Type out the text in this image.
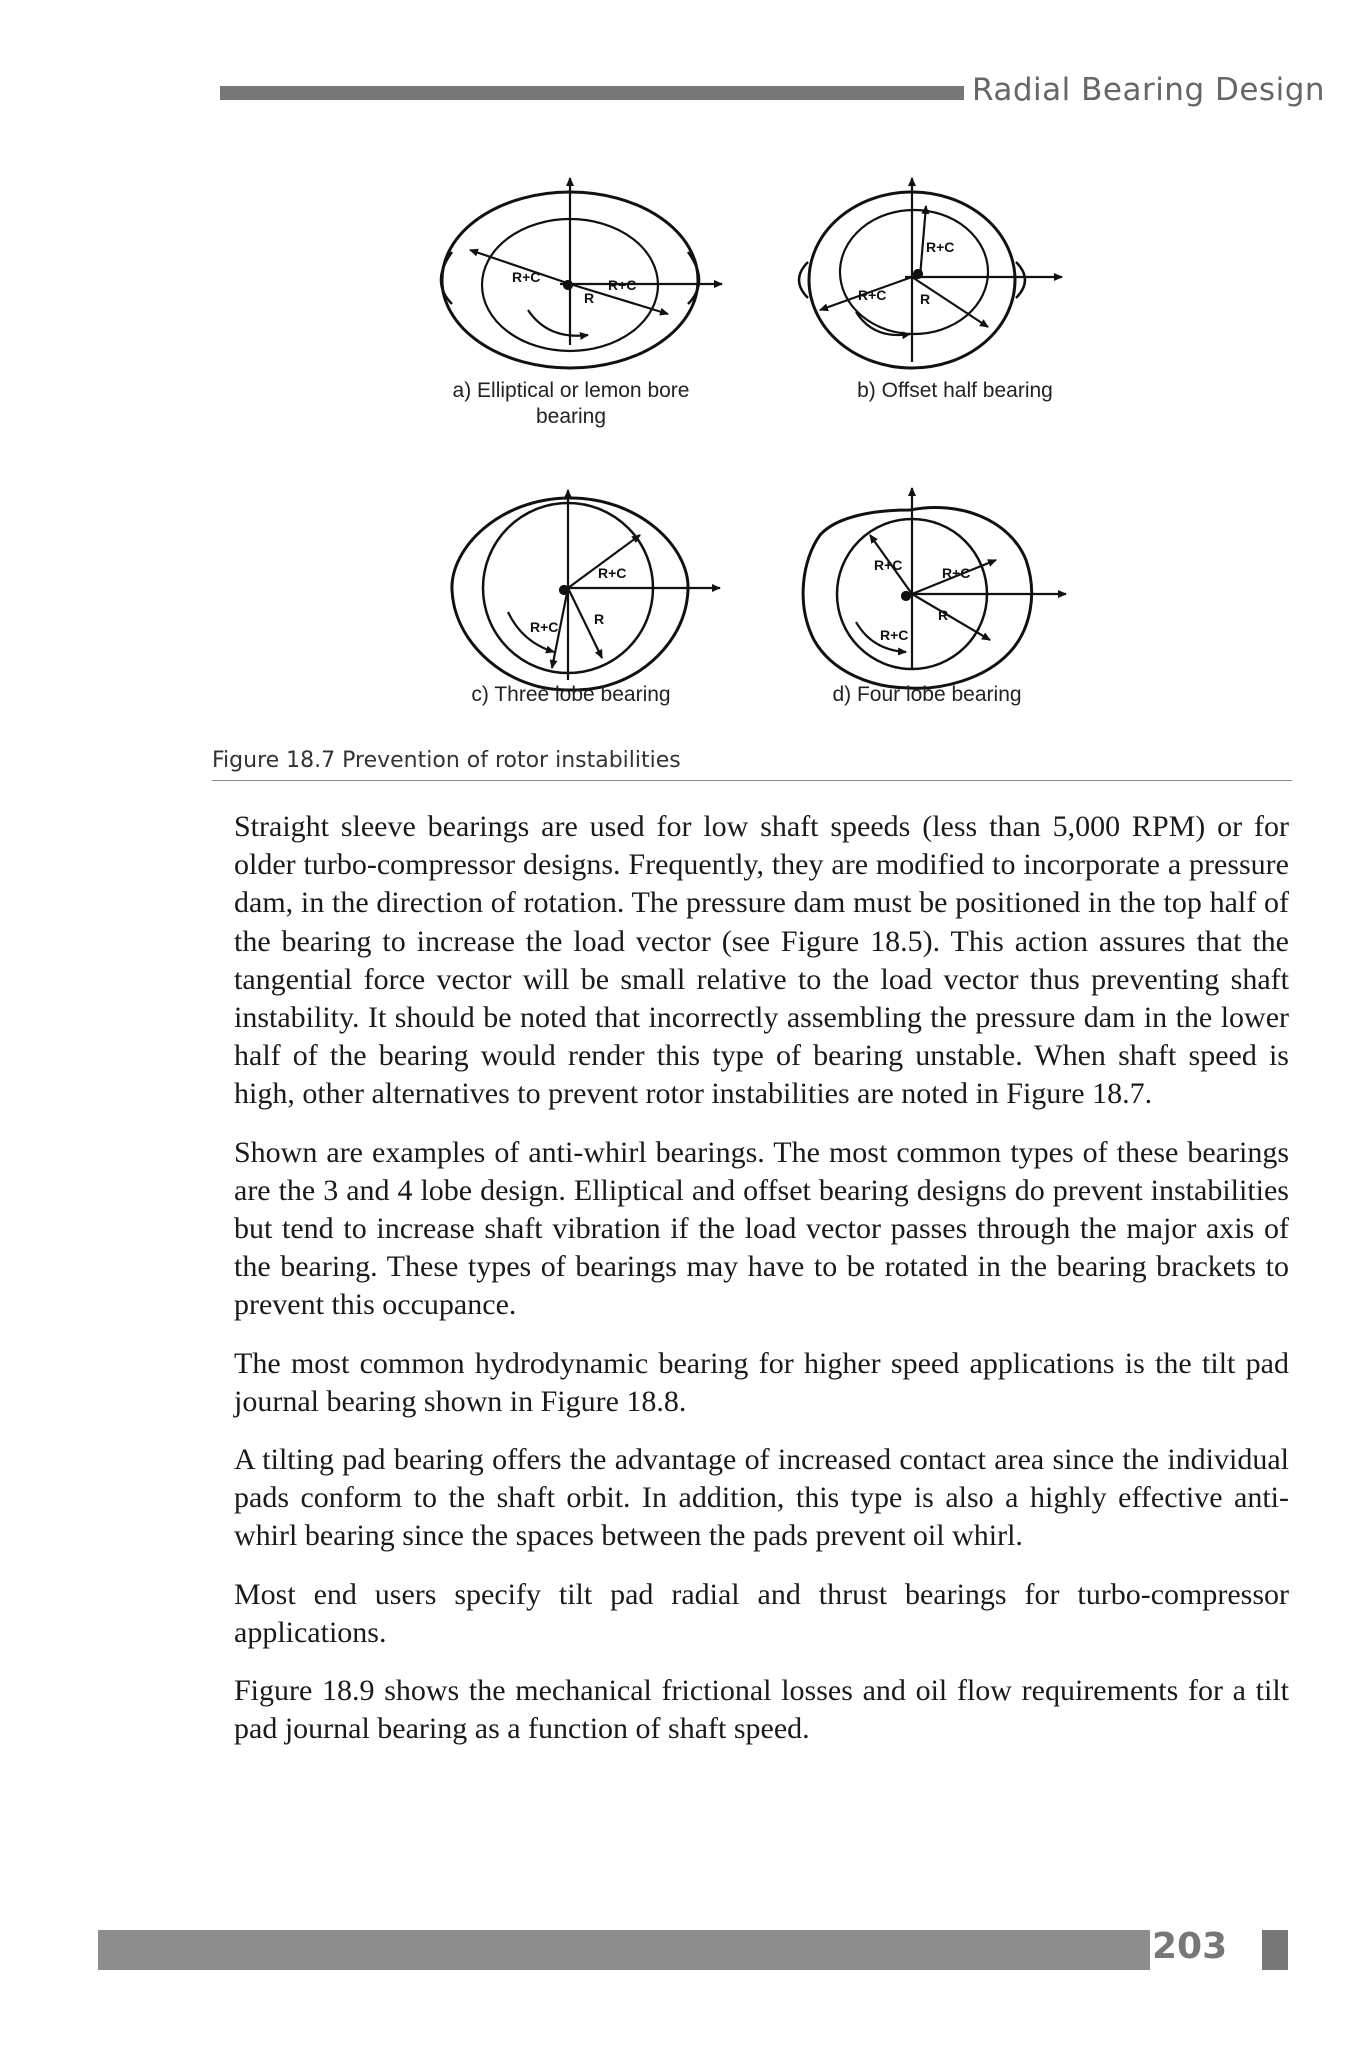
Radial Bearing Design
R+C
R
R+C
R+C
R+C R
R+C
R+C	R
R+C	R+C
R+C
R
a) Elliptical or lemon bore bearing
b) Offset half bearing
c) Three lobe bearing	d) Four lobe bearing
Figure 18.7 Prevention of rotor instabilities

Straight sleeve bearings are used for low shaft speeds (less than 5,000 RPM) or for older turbo-compressor designs. Frequently, they are modified to incorporate a pressure dam, in the direction of rotation. The pressure dam must be positioned in the top half of the bearing to increase the load vector (see Figure 18.5). This action assures that the tangential force vector will be small relative to the load vector thus preventing shaft instability. It should be noted that incorrectly assembling the pressure dam in the lower half of the bearing would render this type of bearing unstable. When shaft speed is high, other alternatives to prevent rotor instabilities are noted in Figure 18.7.

Shown are examples of anti-whirl bearings. The most common types of these bearings are the 3 and 4 lobe design. Elliptical and offset bearing designs do prevent instabilities but tend to increase shaft vibration if the load vector passes through the major axis of the bearing. These types of bearings may have to be rotated in the bearing brackets to prevent this occupance.

The most common hydrodynamic bearing for higher speed applications is the tilt pad journal bearing shown in Figure 18.8.

A tilting pad bearing offers the advantage of increased contact area since the individual pads conform to the shaft orbit. In addition, this type is also a highly effective anti-whirl bearing since the spaces between the pads prevent oil whirl.

Most end users specify tilt pad radial and thrust bearings for turbo-compressor applications.

Figure 18.9 shows the mechanical frictional losses and oil flow requirements for a tilt pad journal bearing as a function of shaft speed.

203
